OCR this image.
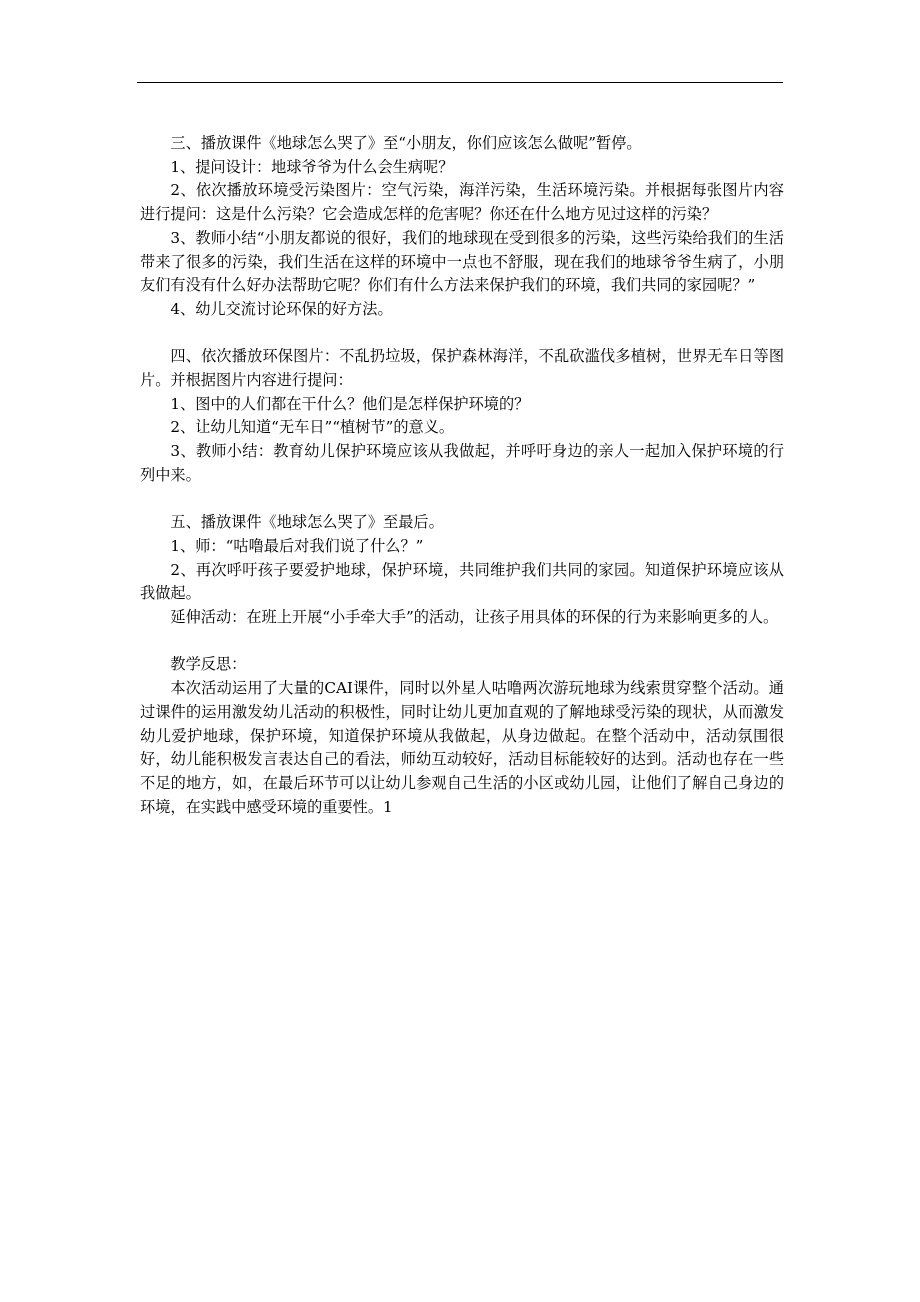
三、播放课件《地球怎么哭了》至“小朋友，你们应该怎么做呢”暂停。

1、提问设计：地球爷爷为什么会生病呢？

2、依次播放环境受污染图片：空气污染，海洋污染，生活环境污染。并根据每张图片内容进行提问：这是什么污染？它会造成怎样的危害呢？你还在什么地方见过这样的污染？

3、教师小结“小朋友都说的很好，我们的地球现在受到很多的污染，这些污染给我们的生活带来了很多的污染，我们生活在这样的环境中一点也不舒服，现在我们的地球爷爷生病了，小朋友们有没有什么好办法帮助它呢？你们有什么方法来保护我们的环境，我们共同的家园呢？”

4、幼儿交流讨论环保的好方法。

四、依次播放环保图片：不乱扔垃圾，保护森林海洋，不乱砍滥伐多植树，世界无车日等图片。并根据图片内容进行提问：

1、图中的人们都在干什么？他们是怎样保护环境的？

2、让幼儿知道“无车日”“植树节”的意义。

3、教师小结：教育幼儿保护环境应该从我做起，并呼吁身边的亲人一起加入保护环境的行列中来。

五、播放课件《地球怎么哭了》至最后。

1、师：“咕噜最后对我们说了什么？”

2、再次呼吁孩子要爱护地球，保护环境，共同维护我们共同的家园。知道保护环境应该从我做起。

延伸活动：在班上开展“小手牵大手”的活动，让孩子用具体的环保的行为来影响更多的人。

教学反思：

本次活动运用了大量的CAI课件，同时以外星人咕噜两次游玩地球为线索贯穿整个活动。通过课件的运用激发幼儿活动的积极性，同时让幼儿更加直观的了解地球受污染的现状，从而激发幼儿爱护地球，保护环境，知道保护环境从我做起，从身边做起。在整个活动中，活动氛围很好，幼儿能积极发言表达自己的看法，师幼互动较好，活动目标能较好的达到。活动也存在一些不足的地方，如，在最后环节可以让幼儿参观自己生活的小区或幼儿园，让他们了解自己身边的环境，在实践中感受环境的重要性。1
